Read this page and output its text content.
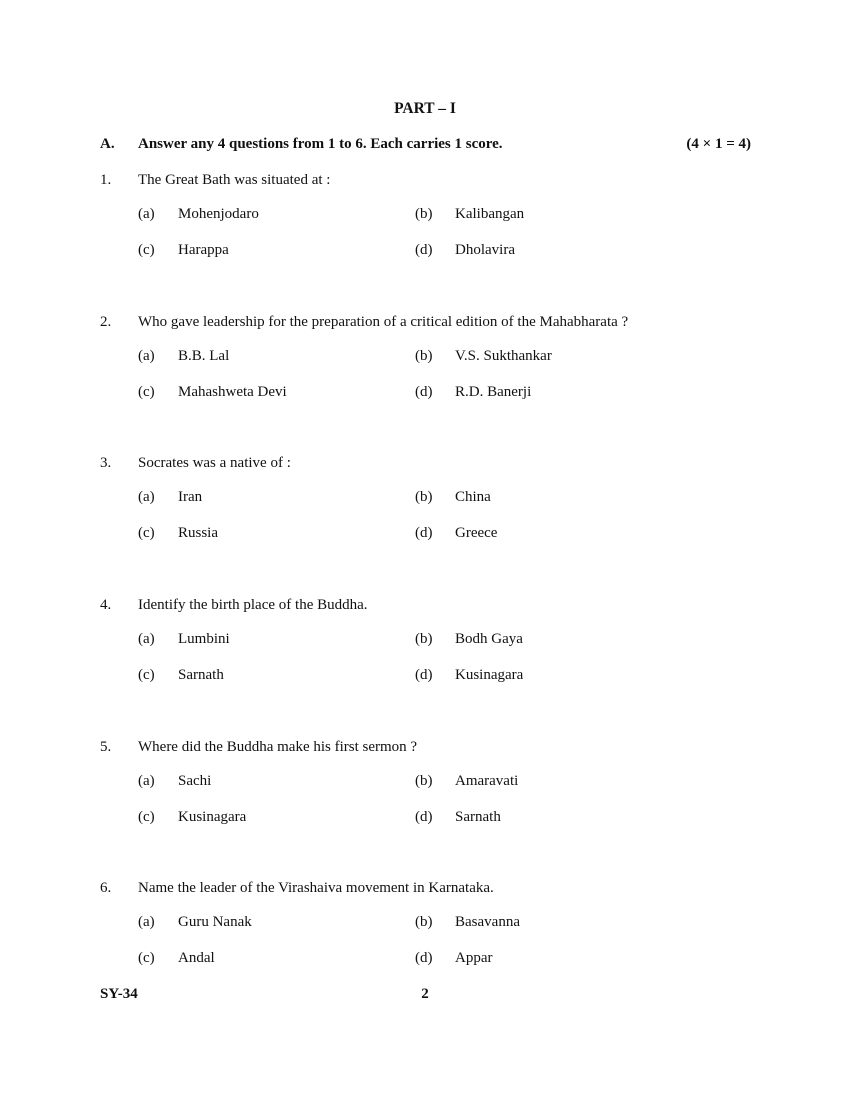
PART – I
A. Answer any 4 questions from 1 to 6. Each carries 1 score.	(4 × 1 = 4)
1. The Great Bath was situated at :
(a) Mohenjodaro	(b) Kalibangan
(c) Harappa	(d) Dholavira
2. Who gave leadership for the preparation of a critical edition of the Mahabharata ?
(a) B.B. Lal	(b) V.S. Sukthankar
(c) Mahashweta Devi	(d) R.D. Banerji
3. Socrates was a native of :
(a) Iran	(b) China
(c) Russia	(d) Greece
4. Identify the birth place of the Buddha.
(a) Lumbini	(b) Bodh Gaya
(c) Sarnath	(d) Kusinagara
5. Where did the Buddha make his first sermon ?
(a) Sachi	(b) Amaravati
(c) Kusinagara	(d) Sarnath
6. Name the leader of the Virashaiva movement in Karnataka.
(a) Guru Nanak	(b) Basavanna
(c) Andal	(d) Appar
SY-34	2
